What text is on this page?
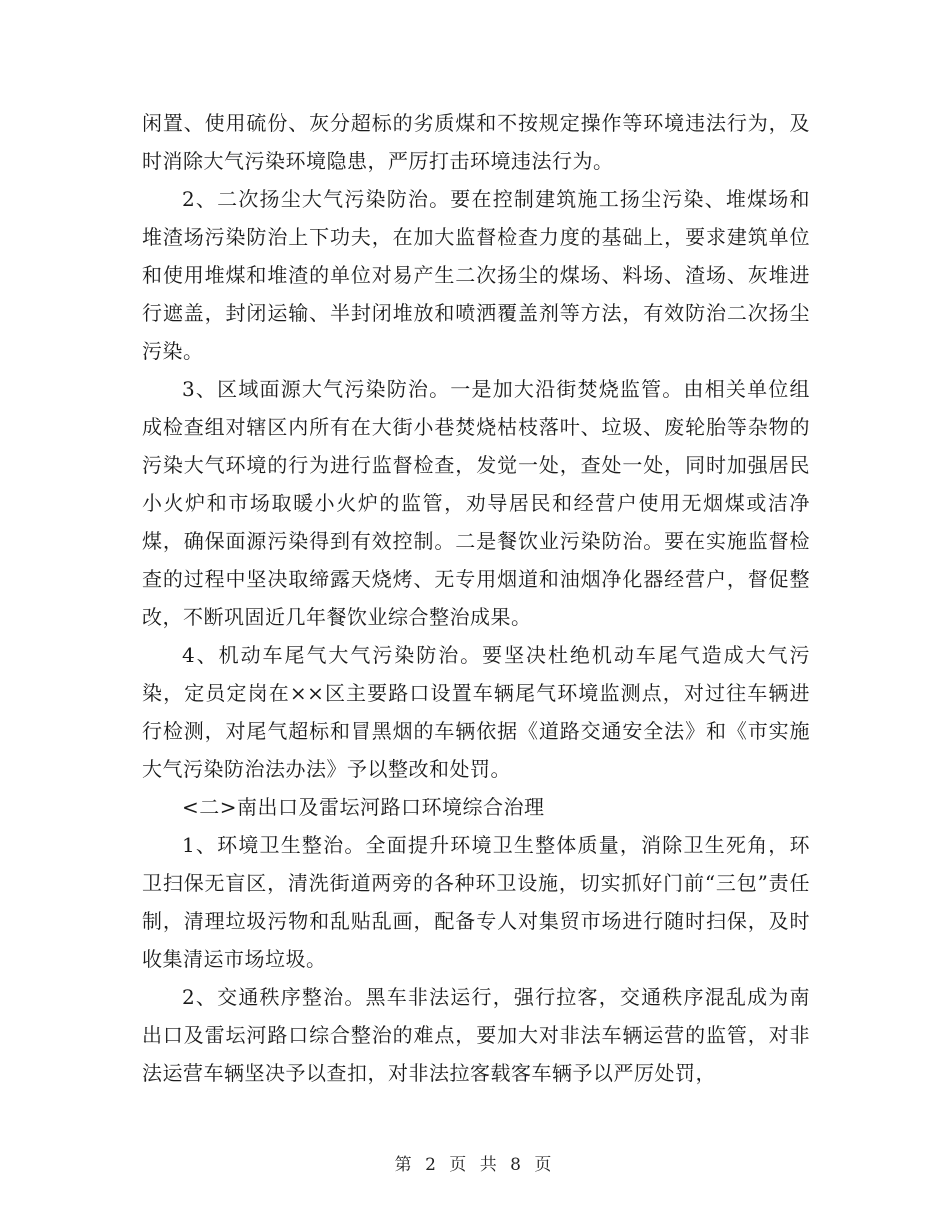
闲置、使用硫份、灰分超标的劣质煤和不按规定操作等环境违法行为，及时消除大气污染环境隐患，严厉打击环境违法行为。

2、二次扬尘大气污染防治。要在控制建筑施工扬尘污染、堆煤场和堆渣场污染防治上下功夫，在加大监督检查力度的基础上，要求建筑单位和使用堆煤和堆渣的单位对易产生二次扬尘的煤场、料场、渣场、灰堆进行遮盖，封闭运输、半封闭堆放和喷洒覆盖剂等方法，有效防治二次扬尘污染。

3、区域面源大气污染防治。一是加大沿街焚烧监管。由相关单位组成检查组对辖区内所有在大街小巷焚烧枯枝落叶、垃圾、废轮胎等杂物的污染大气环境的行为进行监督检查，发觉一处，查处一处，同时加强居民小火炉和市场取暖小火炉的监管，劝导居民和经营户使用无烟煤或洁净煤，确保面源污染得到有效控制。二是餐饮业污染防治。要在实施监督检查的过程中坚决取缔露天烧烤、无专用烟道和油烟净化器经营户，督促整改，不断巩固近几年餐饮业综合整治成果。

4、机动车尾气大气污染防治。要坚决杜绝机动车尾气造成大气污染，定员定岗在××区主要路口设置车辆尾气环境监测点，对过往车辆进行检测，对尾气超标和冒黑烟的车辆依据《道路交通安全法》和《市实施大气污染防治法办法》予以整改和处罚。

<二>南出口及雷坛河路口环境综合治理

1、环境卫生整治。全面提升环境卫生整体质量，消除卫生死角，环卫扫保无盲区，清洗街道两旁的各种环卫设施，切实抓好门前“三包”责任制，清理垃圾污物和乱贴乱画，配备专人对集贸市场进行随时扫保，及时收集清运市场垃圾。

2、交通秩序整治。黑车非法运行，强行拉客，交通秩序混乱成为南出口及雷坛河路口综合整治的难点，要加大对非法车辆运营的监管，对非法运营车辆坚决予以查扣，对非法拉客载客车辆予以严厉处罚，

第 2 页 共 8 页
